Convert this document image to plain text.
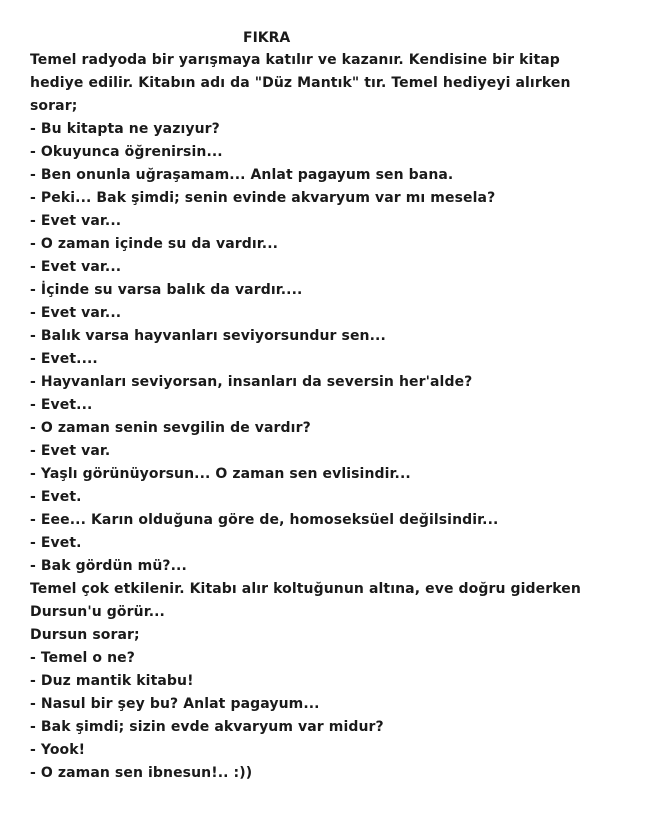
FIKRA

Temel radyoda bir yarışmaya katılır ve kazanır. Kendisine bir kitap

hediye edilir. Kitabın adı da "Düz Mantık" tır. Temel hediyeyi alırken

sorar;

- Bu kitapta ne yazıyur?

- Okuyunca öğrenirsin...

- Ben onunla uğraşamam... Anlat pagayum sen bana.

- Peki... Bak şimdi; senin evinde akvaryum var mı mesela?

- Evet var...

- O zaman içinde su da vardır...

- Evet var...

- İçinde su varsa balık da vardır....

- Evet var...

- Balık varsa hayvanları seviyorsundur sen...

- Evet....

- Hayvanları seviyorsan, insanları da seversin her'alde?

- Evet...

- O zaman senin sevgilin de vardır?

- Evet var.

- Yaşlı görünüyorsun... O zaman sen evlisindir...

- Evet.

- Eee... Karın olduğuna göre de, homoseksüel değilsindir...

- Evet.

- Bak gördün mü?...

Temel çok etkilenir. Kitabı alır koltuğunun altına, eve doğru giderken

Dursun'u görür...

Dursun sorar;

- Temel o ne?

- Duz mantik kitabu!

- Nasul bir şey bu? Anlat pagayum...

- Bak şimdi; sizin evde akvaryum var midur?

- Yook!

- O zaman sen ibnesun!.. :))
